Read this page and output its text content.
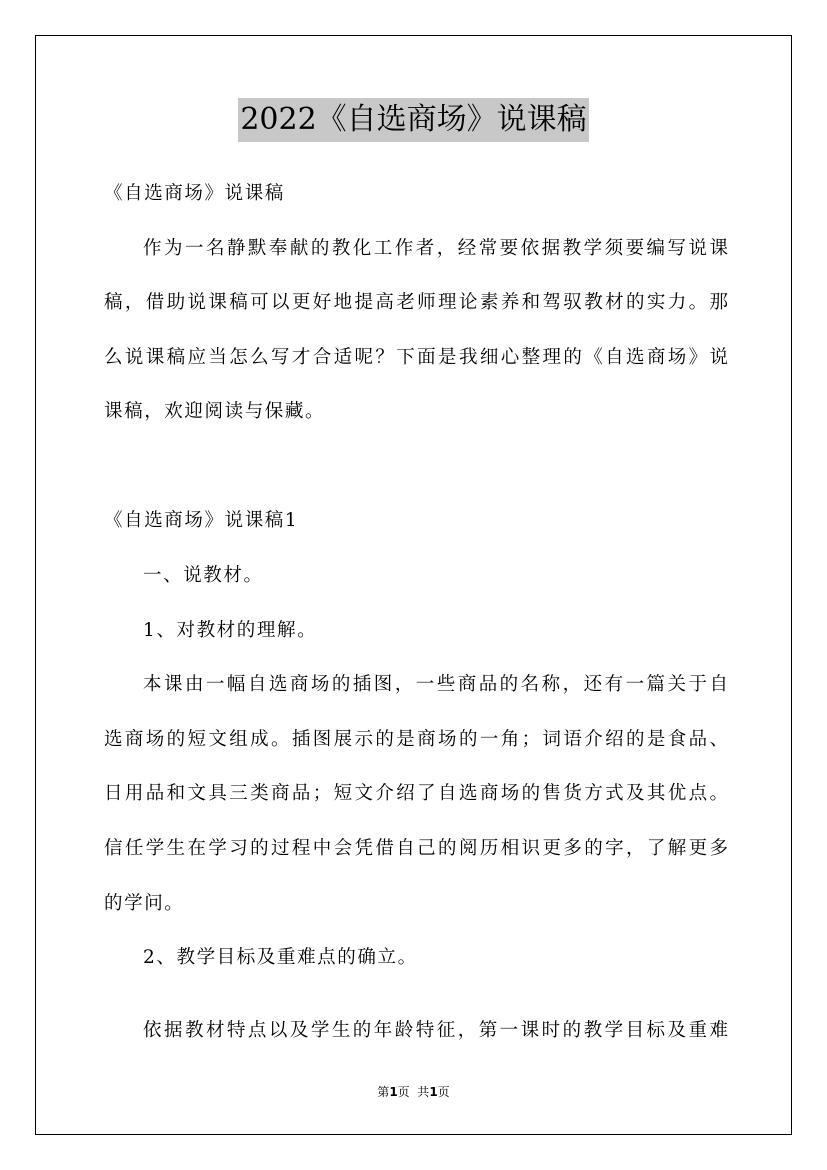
2022《自选商场》说课稿
《自选商场》说课稿
作为一名静默奉献的教化工作者，经常要依据教学须要编写说课
稿，借助说课稿可以更好地提高老师理论素养和驾驭教材的实力。那
么说课稿应当怎么写才合适呢？下面是我细心整理的《自选商场》说
课稿，欢迎阅读与保藏。
《自选商场》说课稿1
一、说教材。
1、对教材的理解。
本课由一幅自选商场的插图，一些商品的名称，还有一篇关于自
选商场的短文组成。插图展示的是商场的一角；词语介绍的是食品、
日用品和文具三类商品；短文介绍了自选商场的售货方式及其优点。
信任学生在学习的过程中会凭借自己的阅历相识更多的字，了解更多
的学问。
2、教学目标及重难点的确立。
依据教材特点以及学生的年龄特征，第一课时的教学目标及重难
第1页  共1页
